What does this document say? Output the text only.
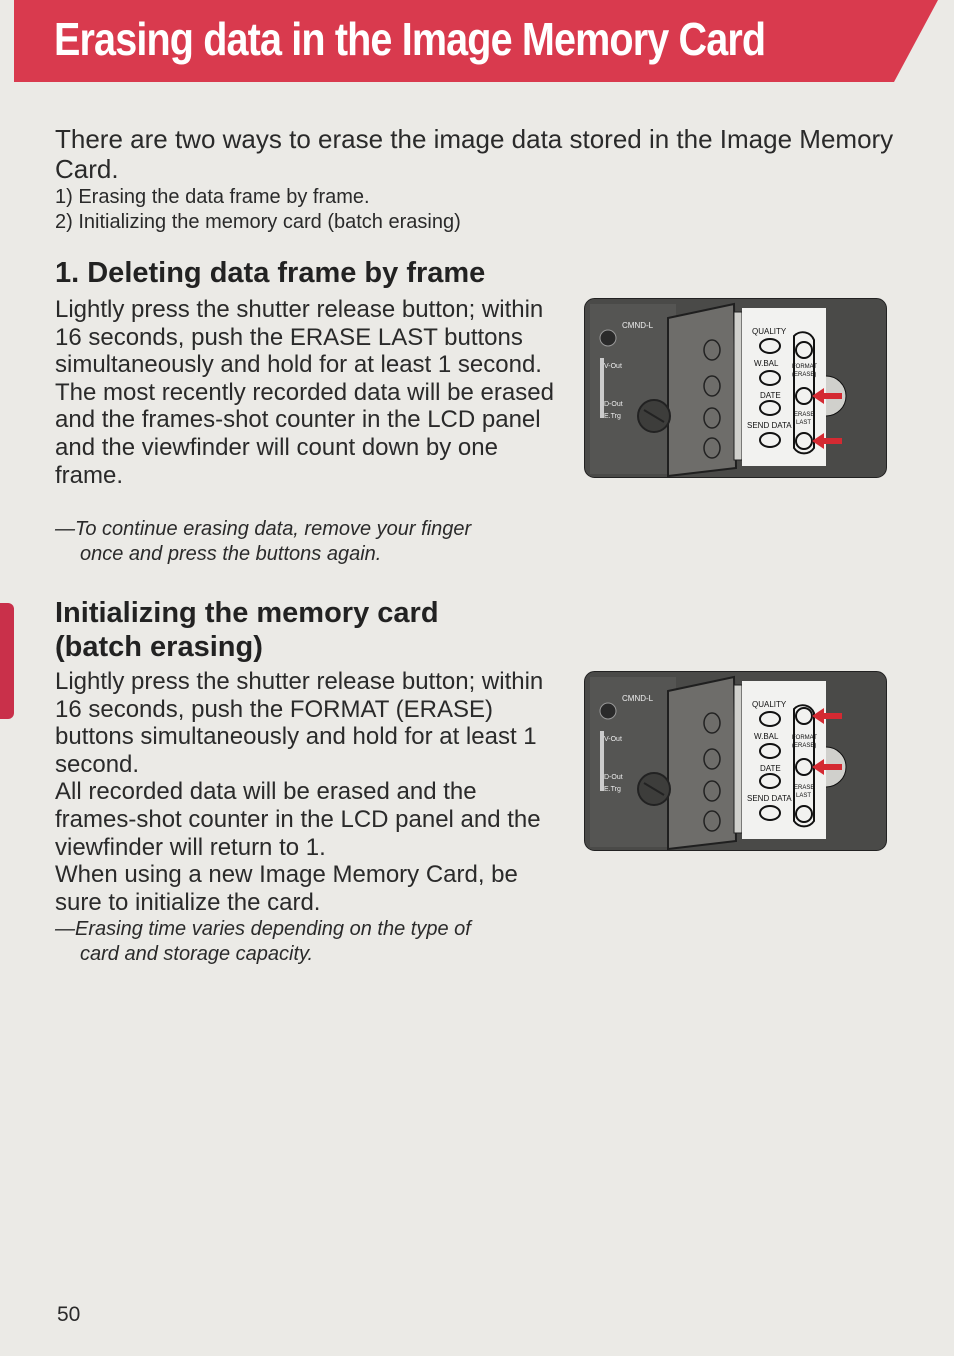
Erasing data in the Image Memory Card
There are two ways to erase the image data stored in the Image Memory Card.
1) Erasing the data frame by frame.
2) Initializing the memory card (batch erasing)
1. Deleting data frame by frame

Lightly press the shutter release button; within 16 seconds, push the ERASE LAST buttons simultaneously and hold for at least 1 second.

The most recently recorded data will be erased and the frames-shot counter in the LCD panel and the viewfinder will count down by one frame.

—To continue erasing data, remove your finger
once and press the buttons again.
Initializing the memory card
(batch erasing)

Lightly press the shutter release button; within 16 seconds, push the FORMAT (ERASE) buttons simultaneously and hold for at least 1 second.

All recorded data will be erased and the frames-shot counter in the LCD panel and the viewfinder will return to 1.

When using a new Image Memory Card, be sure to initialize the card.

—Erasing time varies depending on the type of
card and storage capacity.
CMND-L
V-Out
D-Out
E.Trg
QUALITY
W.BAL
DATE
SEND DATA
FORMAT
(ERASE)
ERASE
LAST
CMND-L
V-Out
D-Out
E.Trg
QUALITY
W.BAL
DATE
SEND DATA
FORMAT
(ERASE)
ERASE
LAST
50
